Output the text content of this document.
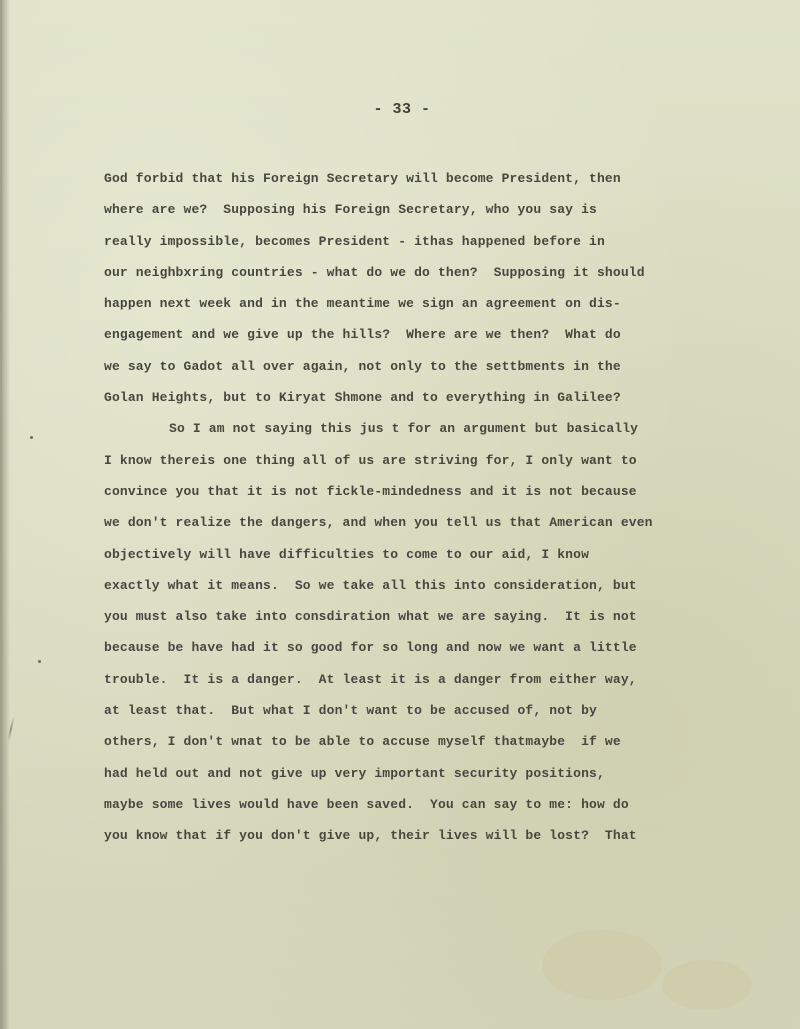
- 33 -
God forbid that his Foreign Secretary will become President, then
where are we?  Supposing his Foreign Secretary, who you say is
really impossible, becomes President - ithas happened before in
our neighbxring countries - what do we do then?  Supposing it should
happen next week and in the meantime we sign an agreement on dis-
engagement and we give up the hills?  Where are we then?  What do
we say to Gadot all over again, not only to the settbments in the
Golan Heights, but to Kiryat Shmone and to everything in Galilee?
So I am not saying this jus t for an argument but basically
I know thereis one thing all of us are striving for, I only want to
convince you that it is not fickle-mindedness and it is not because
we don't realize the dangers, and when you tell us that American even
objectively will have difficulties to come to our aid, I know
exactly what it means.  So we take all this into consideration, but
you must also take into consdiration what we are saying.  It is not
because be have had it so good for so long and now we want a little
trouble.  It is a danger.  At least it is a danger from either way,
at least that.  But what I don't want to be accused of, not by
others, I don't wnat to be able to accuse myself thatmaybe  if we
had held out and not give up very important security positions,
maybe some lives would have been saved.  You can say to me: how do
you know that if you don't give up, their lives will be lost?  That
